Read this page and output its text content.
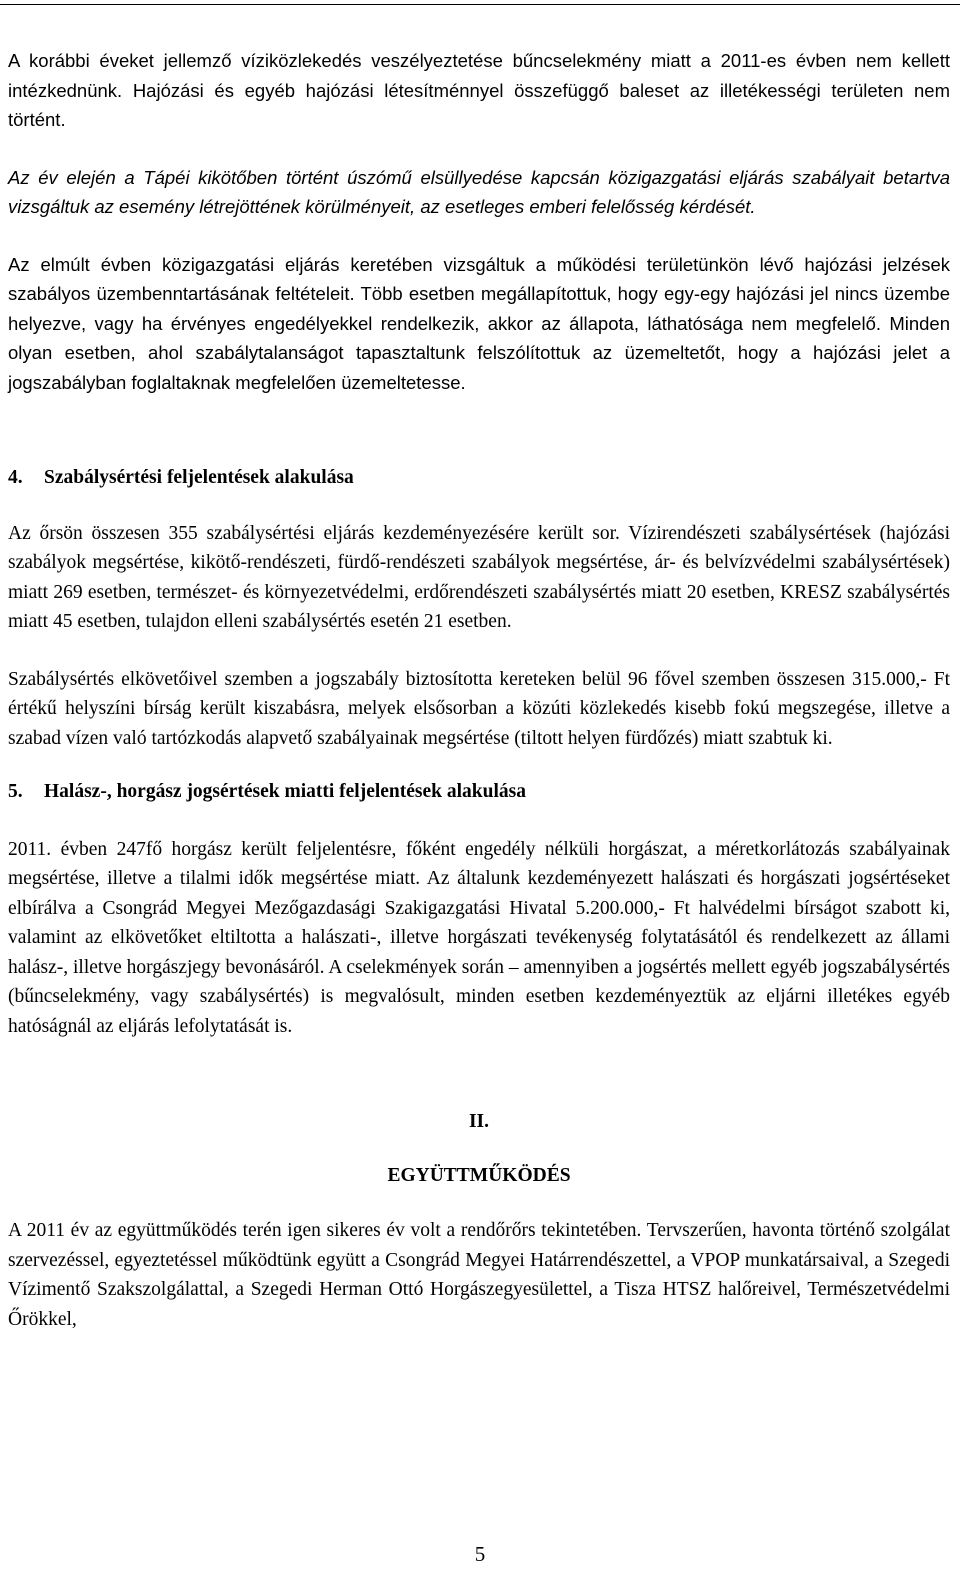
A korábbi éveket jellemző víziközlekedés veszélyeztetése bűncselekmény miatt a 2011-es évben nem kellett intézkednünk. Hajózási és egyéb hajózási létesítménnyel összefüggő baleset az illetékességi területen nem történt.

Az év elején a Tápéi kikötőben történt úszómű elsüllyedése kapcsán közigazgatási eljárás szabályait betartva vizsgáltuk az esemény létrejöttének körülményeit, az esetleges emberi felelősség kérdését.

Az elmúlt évben közigazgatási eljárás keretében vizsgáltuk a működési területünkön lévő hajózási jelzések szabályos üzembenntartásának feltételeit. Több esetben megállapítottuk, hogy egy-egy hajózási jel nincs üzembe helyezve, vagy ha érvényes engedélyekkel rendelkezik, akkor az állapota, láthatósága nem megfelelő. Minden olyan esetben, ahol szabálytalanságot tapasztaltunk felszólítottuk az üzemeltetőt, hogy a hajózási jelet a jogszabályban foglaltaknak megfelelően üzemeltetesse.

4. Szabálysértési feljelentések alakulása

Az őrsön összesen 355 szabálysértési eljárás kezdeményezésére került sor. Vízirendészeti szabálysértések (hajózási szabályok megsértése, kikötő-rendészeti, fürdő-rendészeti szabályok megsértése, ár- és belvízvédelmi szabálysértések) miatt 269 esetben, természet- és környezetvédelmi, erdőrendészeti szabálysértés miatt 20 esetben, KRESZ szabálysértés miatt 45 esetben, tulajdon elleni szabálysértés esetén 21 esetben.

Szabálysértés elkövetőivel szemben a jogszabály biztosította kereteken belül 96 fővel szemben összesen 315.000,- Ft értékű helyszíni bírság került kiszabásra, melyek elsősorban a közúti közlekedés kisebb fokú megszegése, illetve a szabad vízen való tartózkodás alapvető szabályainak megsértése (tiltott helyen fürdőzés) miatt szabtuk ki.

5. Halász-, horgász jogsértések miatti feljelentések alakulása

2011. évben 247fő horgász került feljelentésre, főként engedély nélküli horgászat, a méretkorlátozás szabályainak megsértése, illetve a tilalmi idők megsértése miatt. Az általunk kezdeményezett halászati és horgászati jogsértéseket elbírálva a Csongrád Megyei Mezőgazdasági Szakigazgatási Hivatal 5.200.000,- Ft halvédelmi bírságot szabott ki, valamint az elkövetőket eltiltotta a halászati-, illetve horgászati tevékenység folytatásától és rendelkezett az állami halász-, illetve horgászjegy bevonásáról. A cselekmények során – amennyiben a jogsértés mellett egyéb jogszabálysértés (bűncselekmény, vagy szabálysértés) is megvalósult, minden esetben kezdeményeztük az eljárni illetékes egyéb hatóságnál az eljárás lefolytatását is.

II.
EGYÜTTMŰKÖDÉS

A 2011 év az együttműködés terén igen sikeres év volt a rendőrőrs tekintetében. Tervszerűen, havonta történő szolgálat szervezéssel, egyeztetéssel működtünk együtt a Csongrád Megyei Határrendészettel, a VPOP munkatársaival, a Szegedi Vízimentő Szakszolgálattal, a Szegedi Herman Ottó Horgászegyesülettel, a Tisza HTSZ halőreivel, Természetvédelmi Őrökkel,

5
